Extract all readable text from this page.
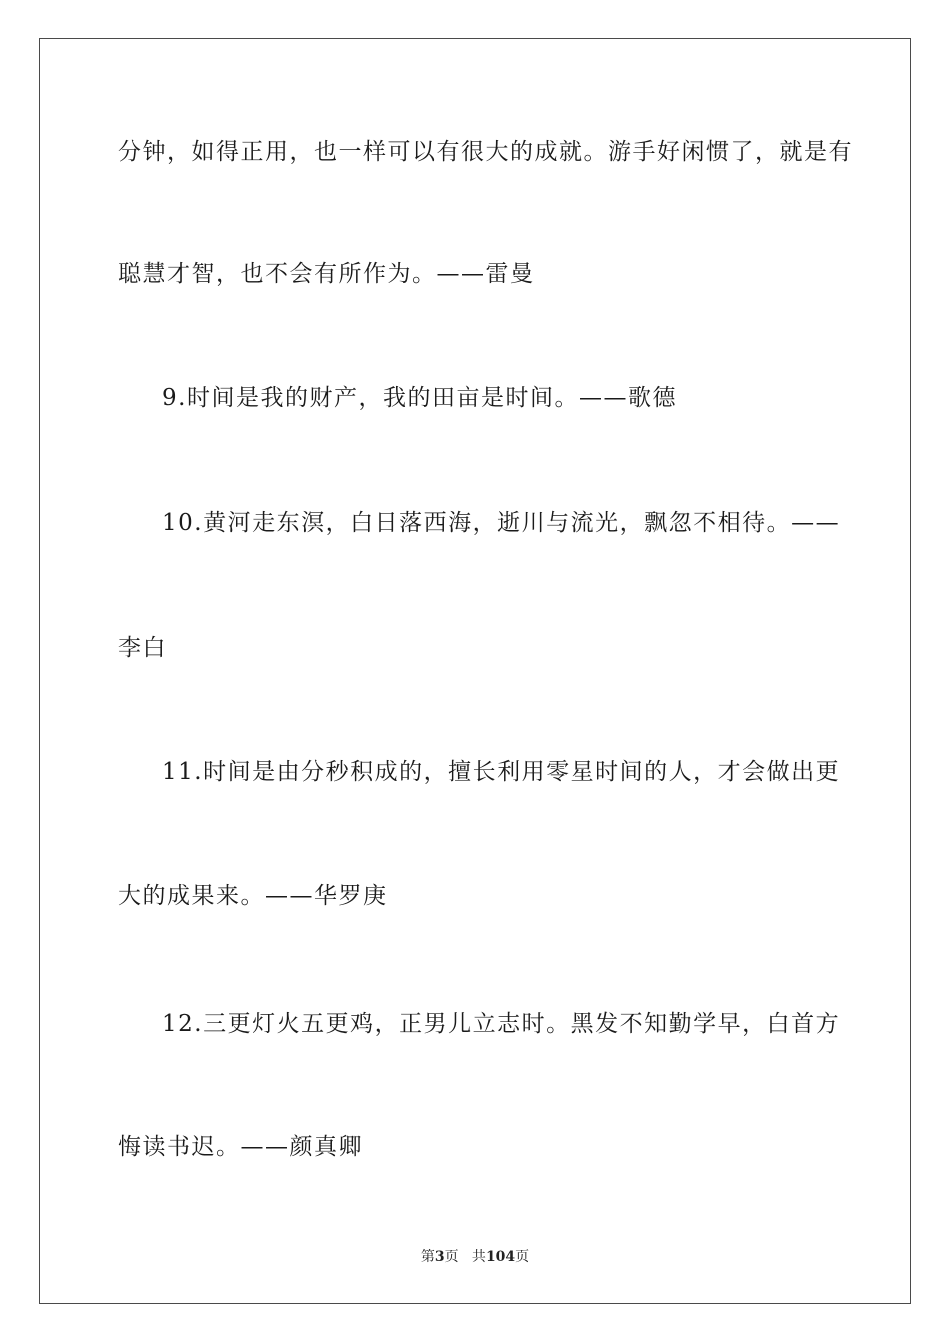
分钟，如得正用，也一样可以有很大的成就。游手好闲惯了，就是有
聪慧才智，也不会有所作为。——雷曼
9.时间是我的财产，我的田亩是时间。——歌德
10.黄河走东溟，白日落西海，逝川与流光，飘忽不相待。——
李白
11.时间是由分秒积成的，擅长利用零星时间的人，才会做出更
大的成果来。——华罗庚
12.三更灯火五更鸡，正男儿立志时。黑发不知勤学早，白首方
悔读书迟。——颜真卿
第3页   共104页
